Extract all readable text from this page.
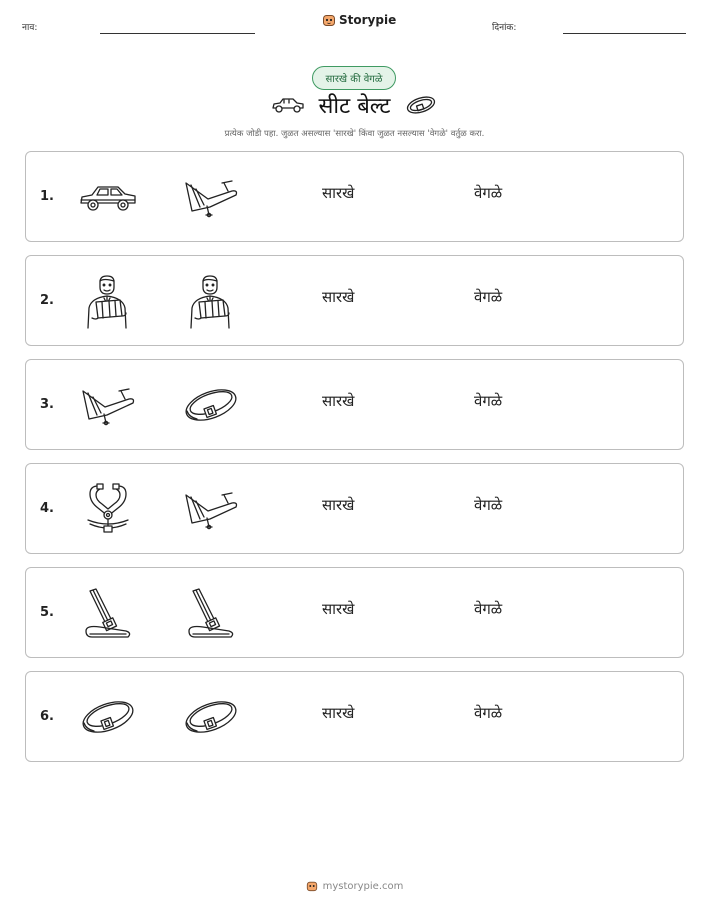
नाव:
Storypie
दिनांक:
सारखे की वेगळे
सीट बेल्ट
प्रत्येक जोडी पहा. जुळत असल्यास 'सारखे' किंवा जुळत नसल्यास 'वेगळे' वर्तुळ करा.
1.	सारखे	वेगळे
2.	सारखे	वेगळे
3.	सारखे	वेगळे
4.	सारखे	वेगळे
5.	सारखे	वेगळे
6.	सारखे	वेगळे
mystorypie.com
